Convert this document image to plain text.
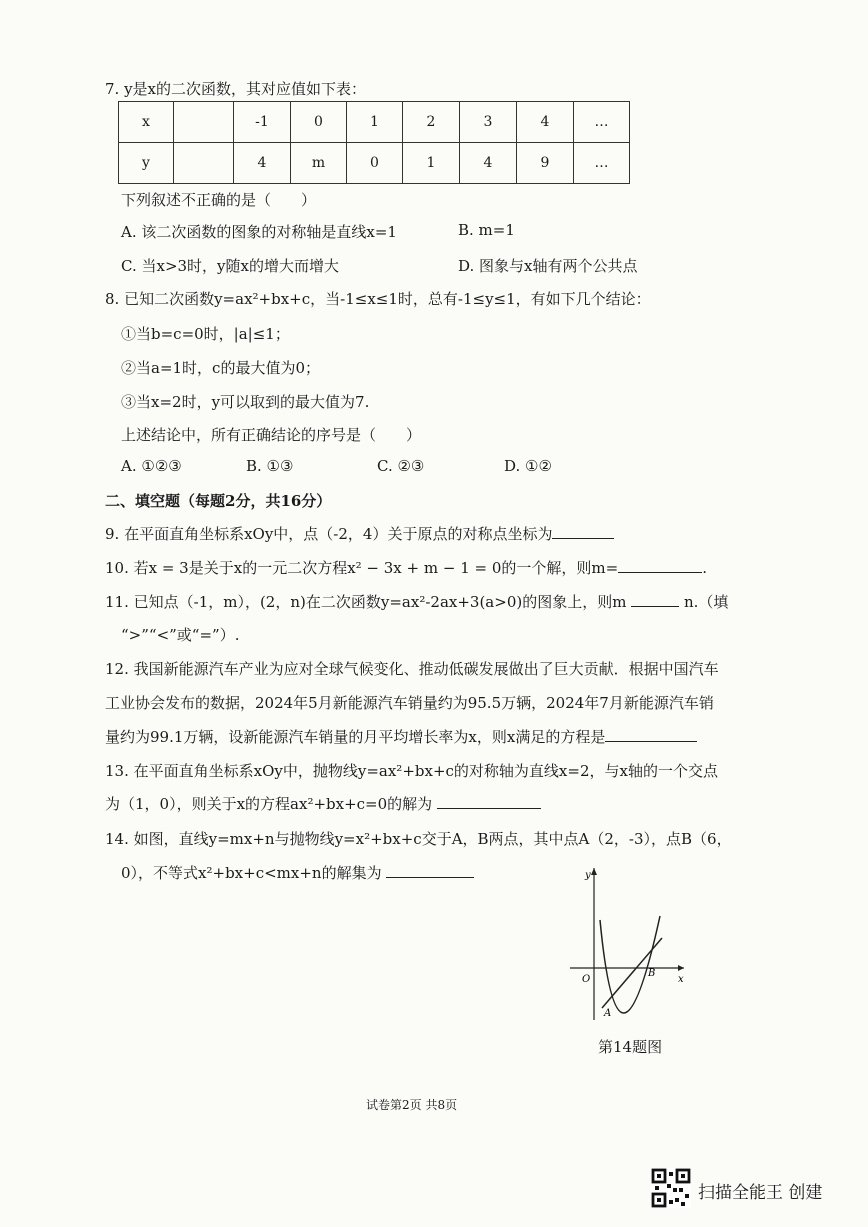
7. y是x的二次函数，其对应值如下表：
x		-1	0	1	2	3	4	…
y		4	m	0	1	4	9	…
下列叙述不正确的是（　　）
A. 该二次函数的图象的对称轴是直线x=1	B. m=1
C. 当x>3时，y随x的增大而增大	D. 图象与x轴有两个公共点
8. 已知二次函数y=ax²+bx+c，当-1≤x≤1时，总有-1≤y≤1，有如下几个结论：
①当b=c=0时，|a|≤1；
②当a=1时，c的最大值为0；
③当x=2时，y可以取到的最大值为7.
上述结论中，所有正确结论的序号是（　　）
A. ①②③	B. ①③	C. ②③	D. ①②
二、填空题（每题2分，共16分）
9. 在平面直角坐标系xOy中，点（-2，4）关于原点的对称点坐标为
10. 若x = 3是关于x的一元二次方程x² − 3x + m − 1 = 0的一个解，则m=	.
11. 已知点（-1，m），(2，n)在二次函数y=ax²-2ax+3(a>0)的图象上，则m	n.（填
“>”“<”或“=”）.
12. 我国新能源汽车产业为应对全球气候变化、推动低碳发展做出了巨大贡献．根据中国汽车
工业协会发布的数据，2024年5月新能源汽车销量约为95.5万辆，2024年7月新能源汽车销
量约为99.1万辆，设新能源汽车销量的月平均增长率为x，则x满足的方程是
13. 在平面直角坐标系xOy中，抛物线y=ax²+bx+c的对称轴为直线x=2，与x轴的一个交点
为（1，0），则关于x的方程ax²+bx+c=0的解为
14. 如图，直线y=mx+n与抛物线y=x²+bx+c交于A，B两点，其中点A（2，-3），点B（6，
0），不等式x²+bx+c<mx+n的解集为	y
x
O
A
B
第14题图
试卷第2页 共8页
扫描全能王 创建
